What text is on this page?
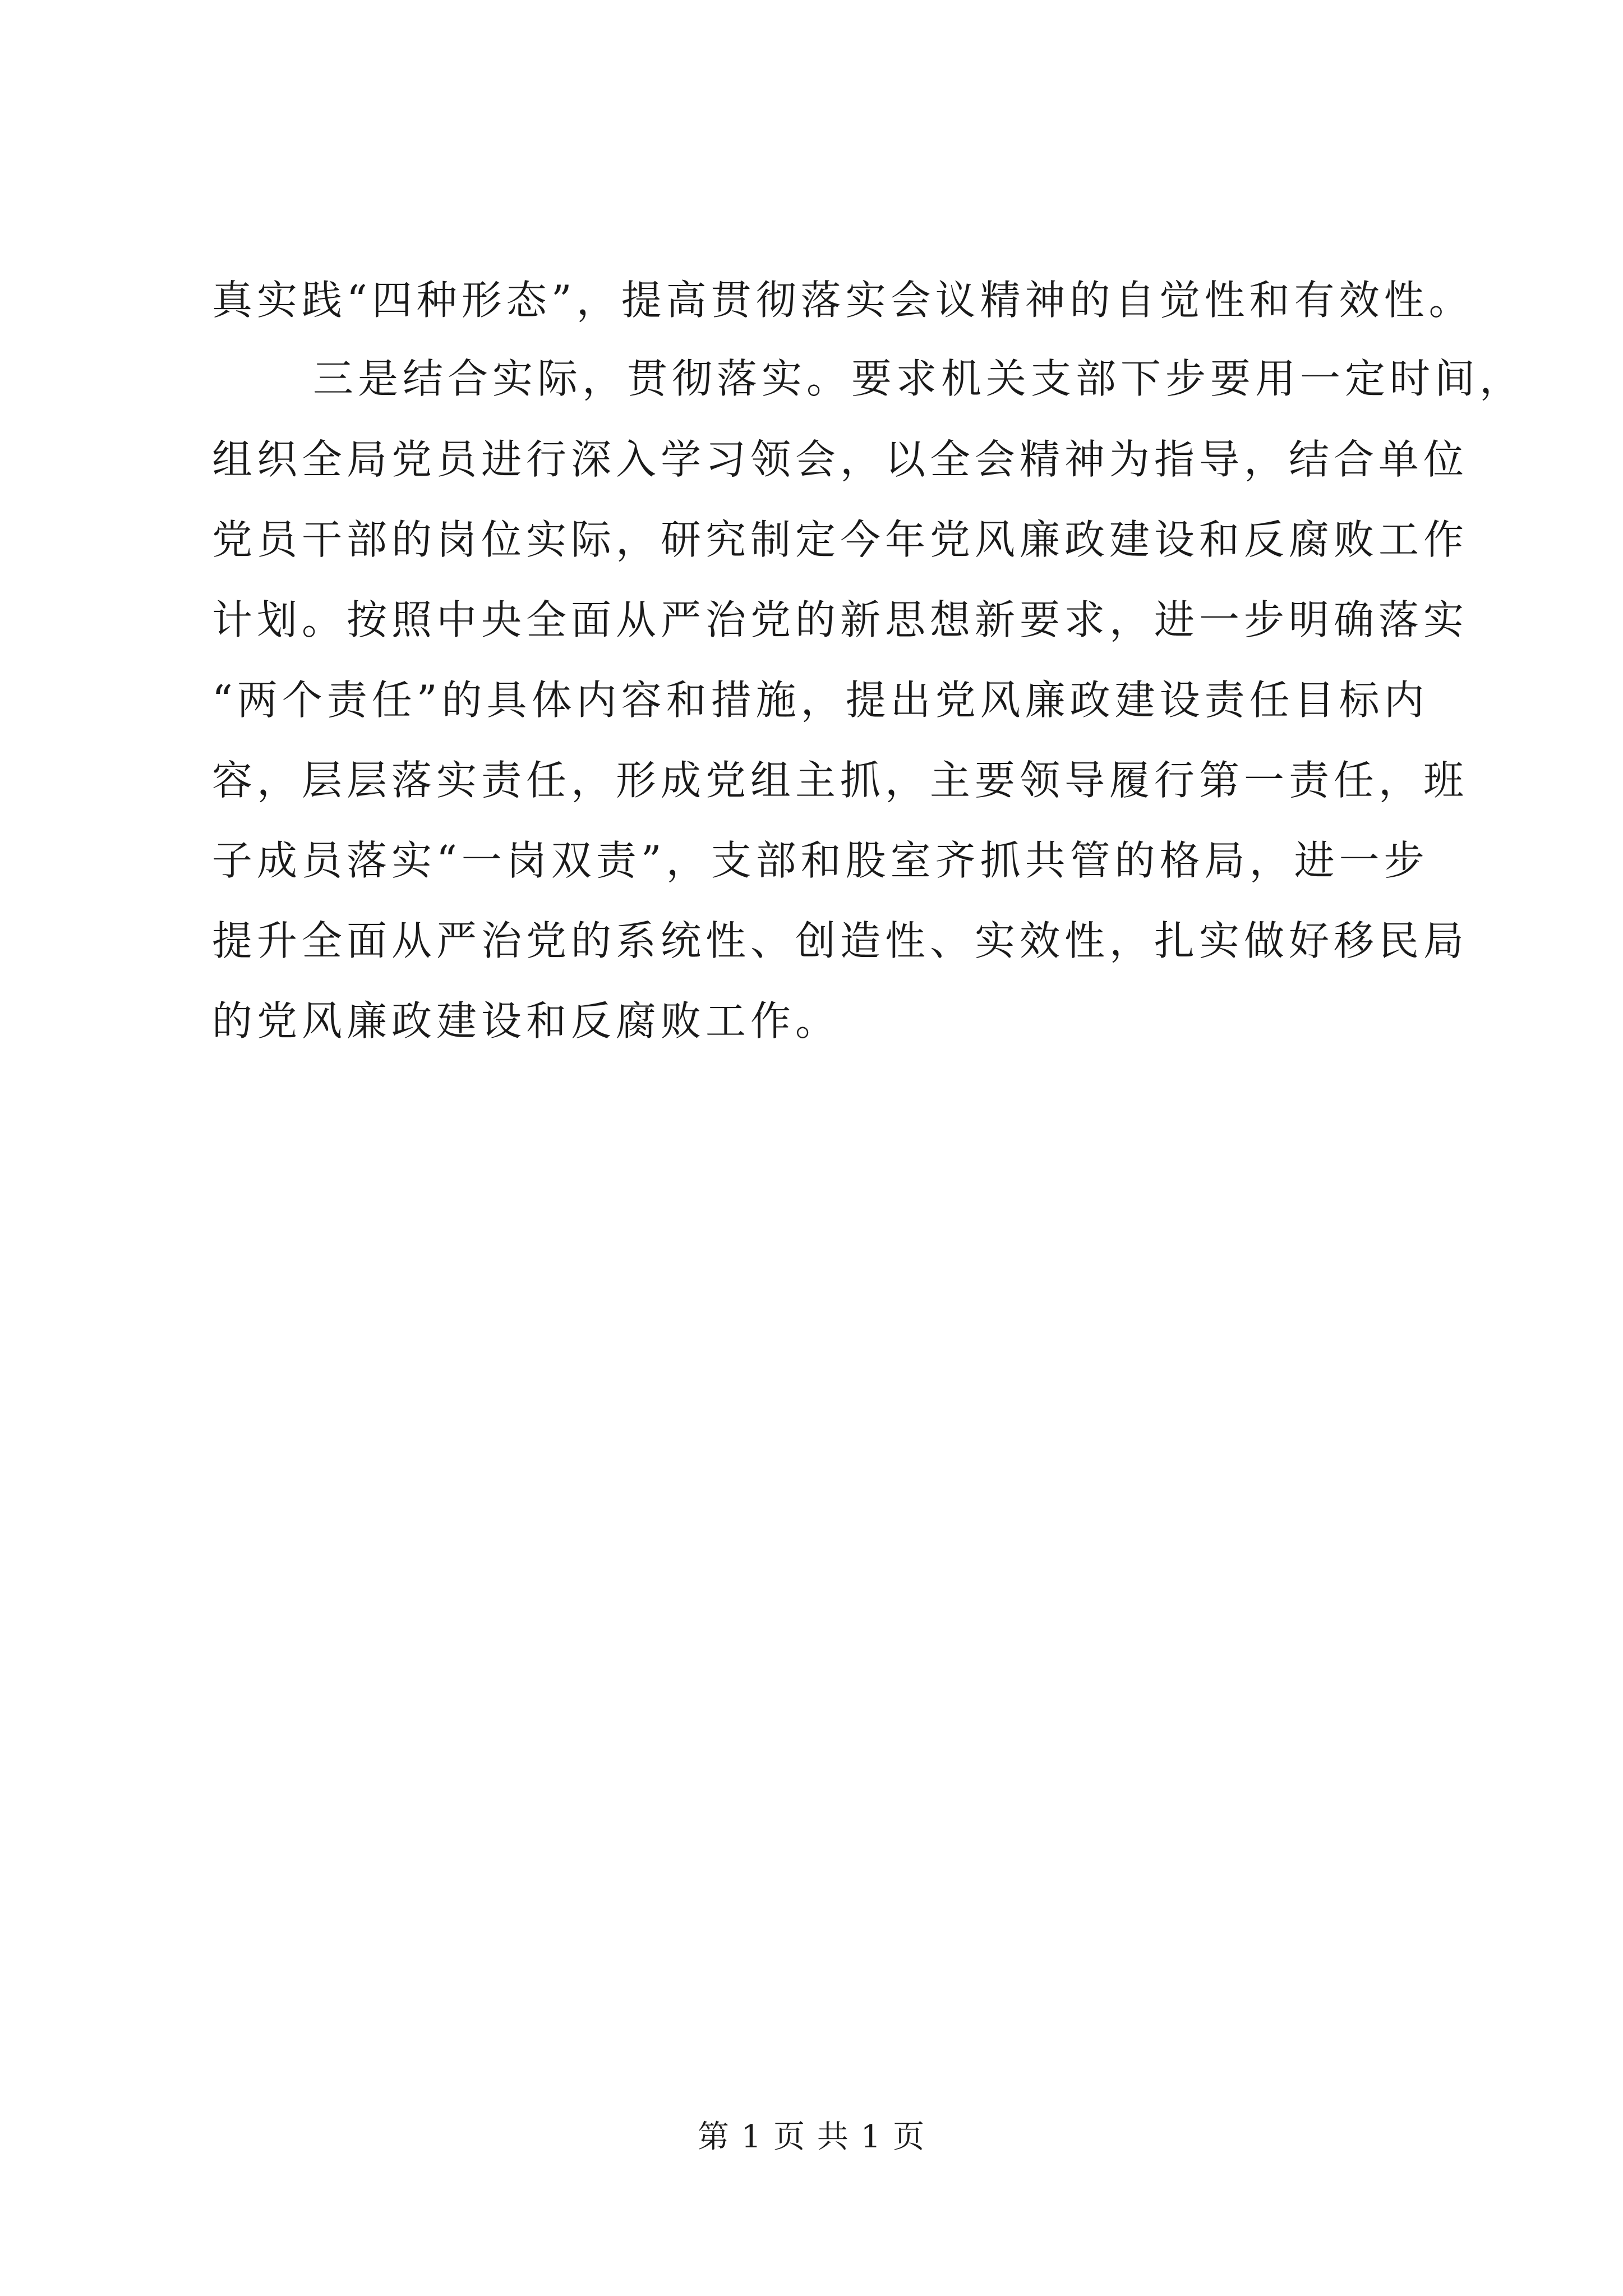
真实践“四种形态”，提高贯彻落实会议精神的自觉性和有效性。
三是结合实际，贯彻落实。要求机关支部下步要用一定时间，
组织全局党员进行深入学习领会，以全会精神为指导，结合单位
党员干部的岗位实际，研究制定今年党风廉政建设和反腐败工作
计划。按照中央全面从严治党的新思想新要求，进一步明确落实
“两个责任”的具体内容和措施，提出党风廉政建设责任目标内
容，层层落实责任，形成党组主抓，主要领导履行第一责任，班
子成员落实“一岗双责”，支部和股室齐抓共管的格局，进一步
提升全面从严治党的系统性、创造性、实效性，扎实做好移民局
的党风廉政建设和反腐败工作。
第 1 页 共 1 页
